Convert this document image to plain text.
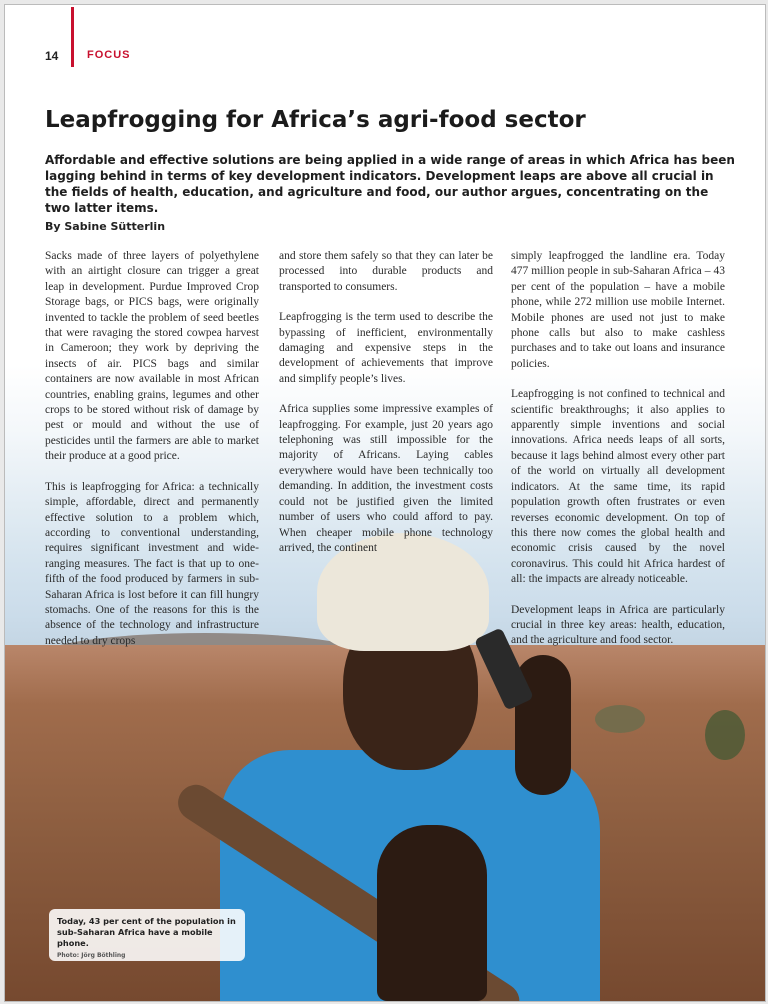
14	FOCUS
Leapfrogging for Africa’s agri-food sector

Affordable and effective solutions are being applied in a wide range of areas in which Africa has been lagging behind in terms of key development indicators. Development leaps are above all crucial in the fields of health, education, and agriculture and food, our author argues, concentrating on the two latter items.

By Sabine Sütterlin

Sacks made of three layers of polyethylene with an airtight closure can trigger a great leap in development. Purdue Improved Crop Storage bags, or PICS bags, were originally invented to tackle the problem of seed beetles that were ravaging the stored cowpea harvest in Cameroon; they work by depriving the insects of air. PICS bags and similar containers are now available in most African countries, enabling grains, legumes and other crops to be stored without risk of damage by pest or mould and without the use of pesticides until the farmers are able to market their produce at a good price.

This is leapfrogging for Africa: a technically simple, affordable, direct and permanently effective solution to a problem which, according to conventional understanding, requires significant investment and wide-ranging measures. The fact is that up to one-fifth of the food produced by farmers in sub-Saharan Africa is lost before it can fill hungry stomachs. One of the reasons for this is the absence of the technology and infrastructure needed to dry crops

and store them safely so that they can later be processed into durable products and transported to consumers.

Leapfrogging is the term used to describe the bypassing of inefficient, environmentally damaging and expensive steps in the development of achievements that improve and simplify people’s lives.

Africa supplies some impressive examples of leapfrogging. For example, just 20 years ago telephoning was still impossible for the majority of Africans. Laying cables everywhere would have been technically too demanding. In addition, the investment costs could not be justified given the limited number of users who could afford to pay. When cheaper mobile phone technology arrived, the continent

simply leapfrogged the landline era. Today 477 million people in sub-Saharan Africa – 43 per cent of the population – have a mobile phone, while 272 million use mobile Internet. Mobile phones are used not just to make phone calls but also to make cashless purchases and to take out loans and insurance policies.

Leapfrogging is not confined to technical and scientific breakthroughs; it also applies to apparently simple inventions and social innovations. Africa needs leaps of all sorts, because it lags behind almost every other part of the world on virtually all development indicators. At the same time, its rapid population growth often frustrates or even reverses economic development. On top of this there now comes the global health and economic crisis caused by the novel coronavirus. This could hit Africa hardest of all: the impacts are already noticeable.

Development leaps in Africa are particularly crucial in three key areas: health, education, and the agriculture and food sector.

Today, 43 per cent of the population in sub-Saharan Africa have a mobile phone.

Photo: Jörg Böthling
